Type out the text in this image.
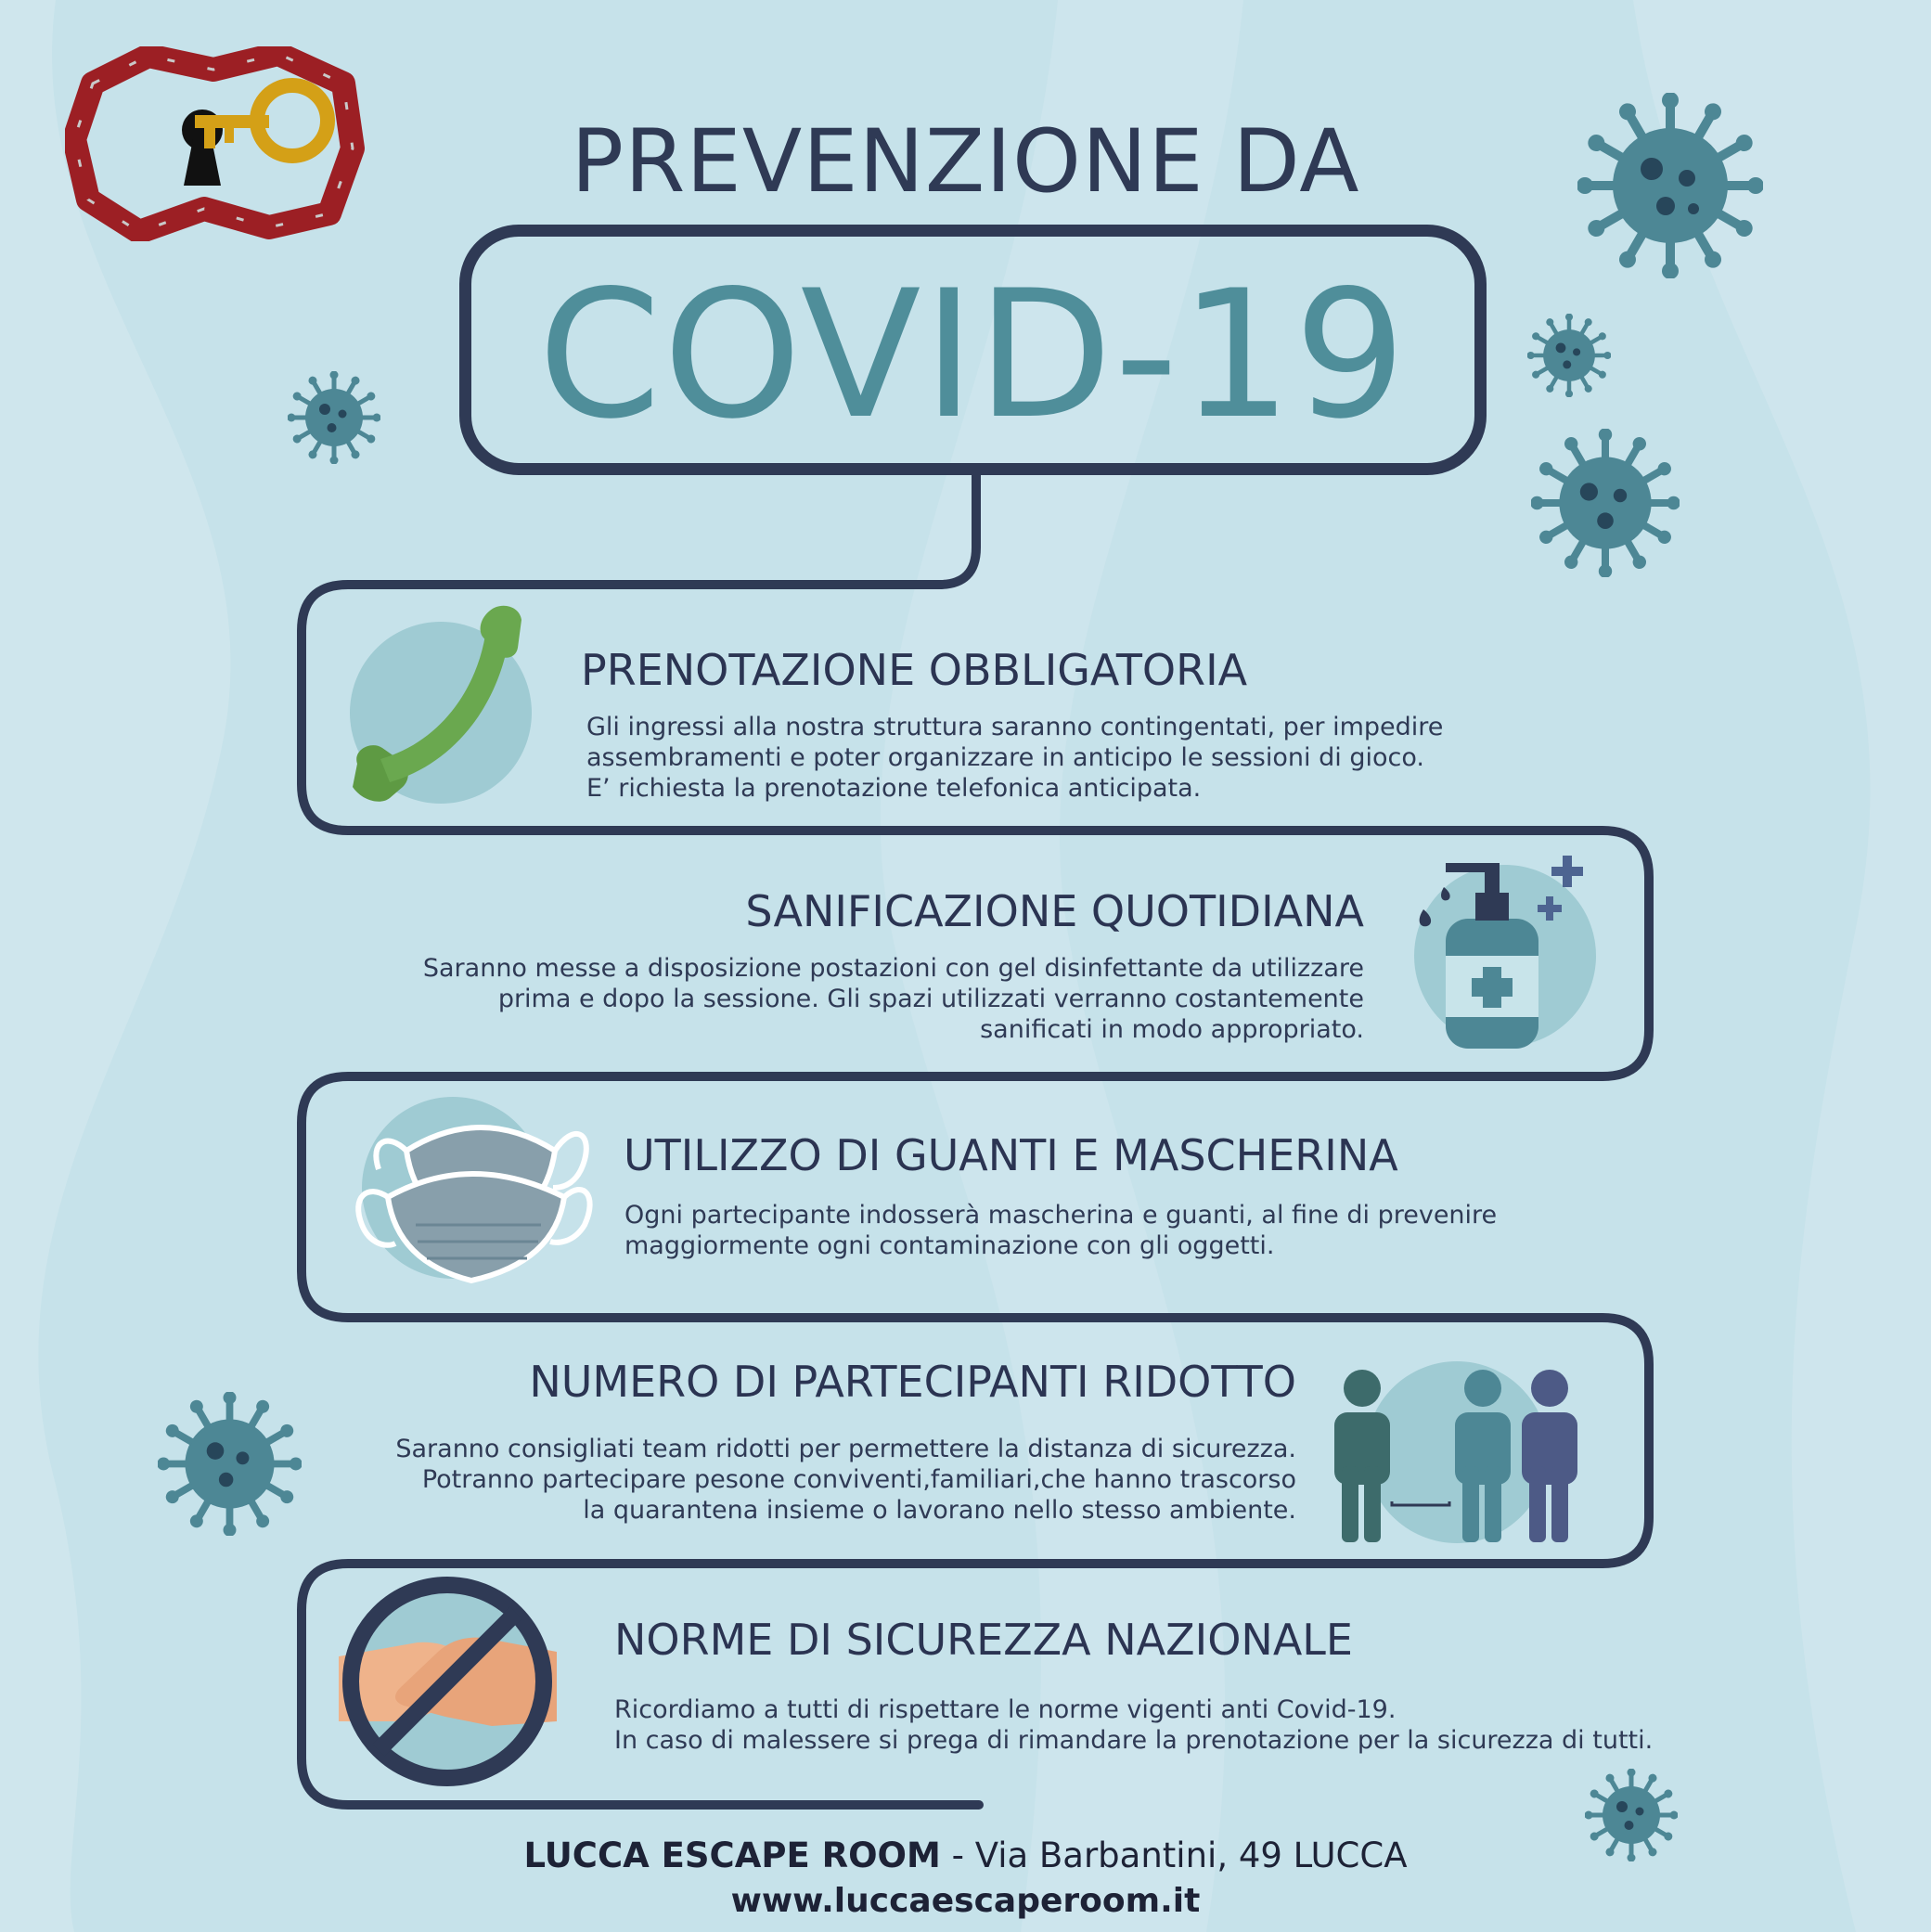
PREVENZIONE DA
COVID-19
PRENOTAZIONE OBBLIGATORIA
Gli ingressi alla nostra struttura saranno contingentati, per impedire
assembramenti e poter organizzare in anticipo le sessioni di gioco.
E’ richiesta la prenotazione telefonica anticipata.
SANIFICAZIONE QUOTIDIANA
Saranno messe a disposizione postazioni con gel disinfettante da utilizzare
prima e dopo la sessione. Gli spazi utilizzati verranno costantemente
sanificati in modo appropriato.
UTILIZZO DI GUANTI E MASCHERINA
Ogni partecipante indosserà mascherina e guanti, al fine di prevenire
maggiormente ogni contaminazione con gli oggetti.
NUMERO DI PARTECIPANTI RIDOTTO
Saranno consigliati team ridotti per permettere la distanza di sicurezza.
Potranno partecipare pesone conviventi,familiari,che hanno trascorso
la quarantena insieme o lavorano nello stesso ambiente.
NORME DI SICUREZZA NAZIONALE
Ricordiamo a tutti di rispettare le norme vigenti anti Covid-19.
In caso di malessere si prega di rimandare la prenotazione per la sicurezza di tutti.
LUCCA ESCAPE ROOM - Via Barbantini, 49 LUCCA
www.luccaescaperoom.it
